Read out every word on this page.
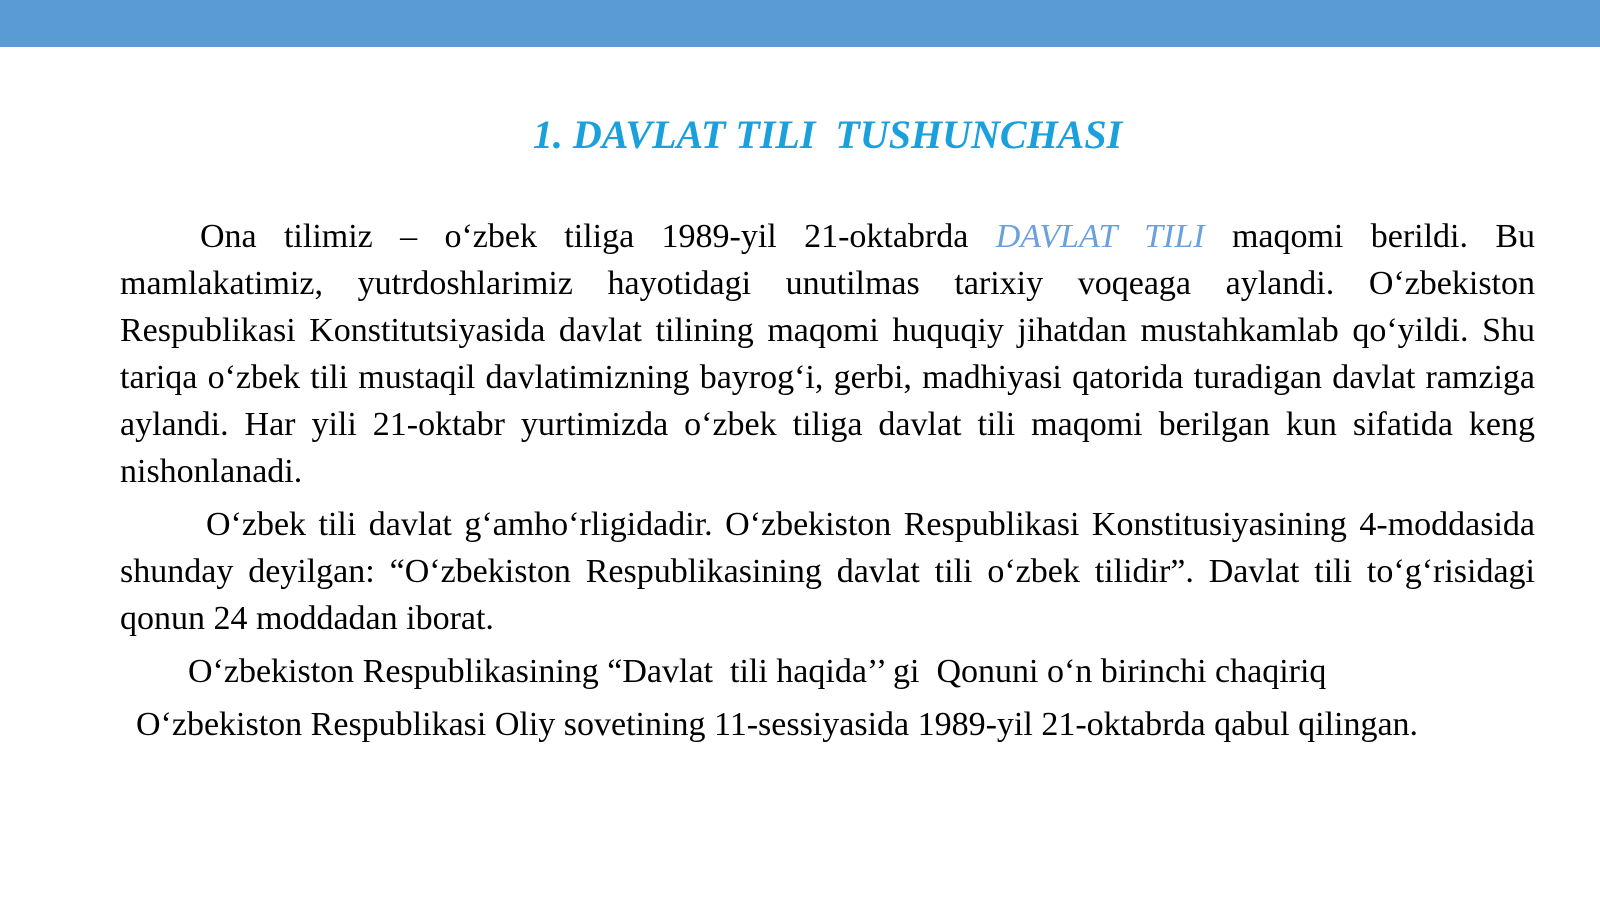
1. DAVLAT TILI  TUSHUNCHASI

Ona tilimiz – o‘zbek tiliga 1989-yil 21-oktabrda DAVLAT TILI maqomi berildi. Bu mamlakatimiz, yutrdoshlarimiz hayotidagi unutilmas tarixiy voqeaga aylandi. O‘zbekiston Respublikasi Konstitutsiyasida davlat tilining maqomi huquqiy jihatdan mustahkamlab qo‘yildi. Shu tariqa o‘zbek tili mustaqil davlatimizning bayrog‘i, gerbi, madhiyasi qatorida turadigan davlat ramziga aylandi. Har yili 21-oktabr yurtimizda o‘zbek tiliga davlat tili maqomi berilgan kun sifatida keng nishonlanadi.

O‘zbek tili davlat g‘amho‘rligidadir. O‘zbekiston Respublikasi Konstitusiyasining 4-moddasida shunday deyilgan: “O‘zbekiston Respublikasining davlat tili o‘zbek tilidir”. Davlat tili to‘g‘risidagi qonun 24 moddadan iborat.

O‘zbekiston Respublikasining “Davlat  tili haqida’’ gi  Qonuni o‘n birinchi chaqiriq

O‘zbekiston Respublikasi Oliy sovetining 11-sessiyasida 1989-yil 21-oktabrda qabul qilingan.
